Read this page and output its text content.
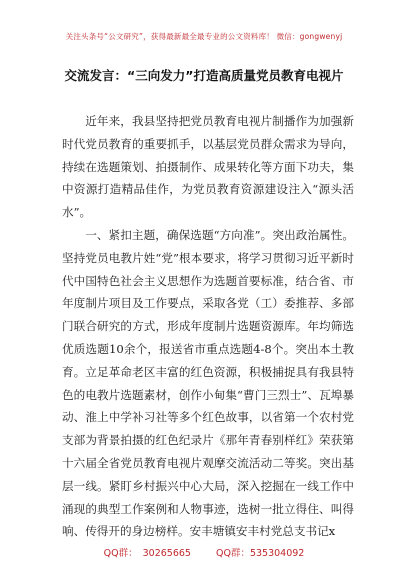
关注头条号“公文研究”，获得最新最全最专业的公文资料库！ 微信：gongwenyj
交流发言：“三向发力”打造高质量党员教育电视片

近年来，我县坚持把党员教育电视片制播作为加强新时代党员教育的重要抓手，以基层党员群众需求为导向，持续在选题策划、拍摄制作、成果转化等方面下功夫，集中资源打造精品佳作，为党员教育资源建设注入“源头活水”。

一、紧扣主题，确保选题“方向准”。突出政治属性。坚持党员电教片姓“党”根本要求，将学习贯彻习近平新时代中国特色社会主义思想作为选题首要标准，结合省、市年度制片项目及工作要点，采取各党（工）委推荐、多部门联合研究的方式，形成年度制片选题资源库。年均筛选优质选题10余个，报送省市重点选题4-8个。突出本土教育。立足革命老区丰富的红色资源，积极捕捉具有我县特色的电教片选题素材，创作小甸集“曹门三烈士”、瓦埠暴动、淮上中学补习社等多个红色故事，以省第一个农村党支部为背景拍摄的红色纪录片《那年青春别样红》荣获第十六届全省党员教育电视片观摩交流活动二等奖。突出基层一线。紧盯乡村振兴中心大局，深入挖掘在一线工作中涌现的典型工作案例和人物事迹，选树一批立得住、叫得响、传得开的身边榜样。安丰塘镇安丰村党总支书记x

QQ群： 30265665	QQ群：535304092
